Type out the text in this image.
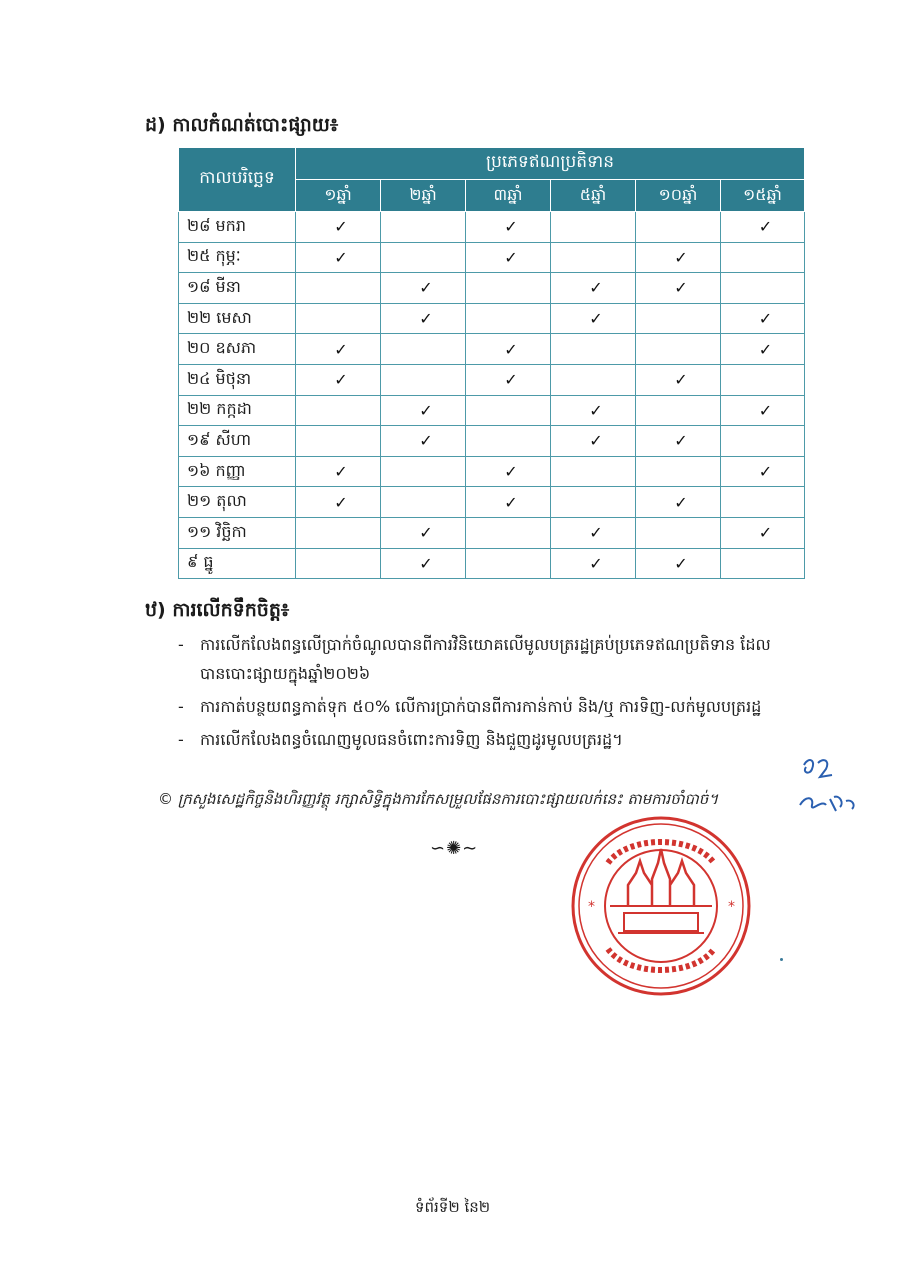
ដ) កាលកំណត់បោះផ្សាយ៖
កាលបរិច្ឆេទ	ប្រភេទឥណប្រតិទាន					
	១ឆ្នាំ	២ឆ្នាំ	៣ឆ្នាំ	៥ឆ្នាំ	១០ឆ្នាំ	១៥ឆ្នាំ
២៨ មករា	✓		✓			✓
២៥ កុម្ភៈ	✓		✓		✓	
១៨ មីនា		✓		✓	✓	
២២ មេសា		✓		✓		✓
២០ ឧសភា	✓		✓			✓
២៤ មិថុនា	✓		✓		✓	
២២ កក្កដា		✓		✓		✓
១៩ សីហា		✓		✓	✓	
១៦ កញ្ញា	✓		✓			✓
២១ តុលា	✓		✓		✓	
១១ វិច្ឆិកា		✓		✓		✓
៩ ធ្នូ		✓		✓	✓	
ឋ) ការលើកទឹកចិត្ត៖
- ការលើកលែងពន្ធលើប្រាក់ចំណូលបានពីការវិនិយោគលើមូលបត្ររដ្ឋគ្រប់ប្រភេទឥណប្រតិទាន ដែលបានបោះផ្សាយក្នុងឆ្នាំ២០២៦
- ការកាត់បន្ថយពន្ធកាត់ទុក ៥០% លើការប្រាក់បានពីការកាន់កាប់ និង/ឬ ការទិញ-លក់មូលបត្ររដ្ឋ
- ការលើកលែងពន្ធចំណេញមូលធនចំពោះការទិញ និងជួញដូរមូលបត្ររដ្ឋ។
© ក្រសួងសេដ្ឋកិច្ចនិងហិរញ្ញវត្ថុ រក្សាសិទ្ធិក្នុងការកែសម្រួលផែនការបោះផ្សាយលក់នេះ តាមការចាំបាច់។
∽✺∼
*	*
ទំព័រទី២ នៃ២
